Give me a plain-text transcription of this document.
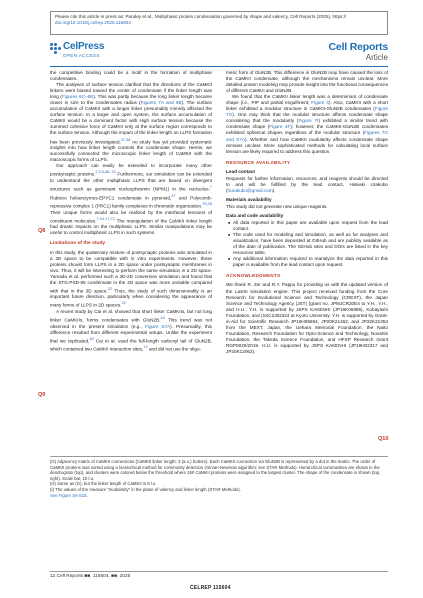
Please cite this article in press as: Pandey et al., Multiphasic protein condensation governed by shape and valency, Cell Reports (2025), https:// doi.org/10.1016/j.celrep.2025.115604
CelPress
OPEN ACCESS
Cell Reports
Article

the competitive binding could be a motif in the formation of multiphase condensates.

The analyses of surface tension clarified that the directions of the CaMKII linkers were biased toward the center of condensate if the linker length was long (Figures 6C–6E). This was partly because the long linker length became closer in size to the condensates radius (Figures 7A and 6B). The surface accumulation of CaMKII with a longer linker presumably mimicly affected the surface tension. In a larger and open system, the surface accumulation of CaMKII would be a dominant factor with High surface tension because the summed cohesive force of CaMKII only at the surface region corresponds to the surface tension. Although the impact of the linker length on LLPS formation has been previously investigated,$^{37,38}$ no study has yet provided systematic insights into how linker length controls the condensate shape. Herein, we successfully connected the microscopic linker length of CaMKII with the macroscopic forms of LLPS.

Our approach can easily be extended to incorporate many other postsynaptic proteins.$^{2,3,5,66-70}$ Furthermore, our simulation can be extended to understand the other multiphasic LLPS that are based on divergent structures such as germinant nucleophosmin (NPM1) in the nucleolus.$^7$ Rubisco holoenzymes-EPYC1 condensate in pyrenoid,$^{27}$ and Polycomb-repressive complex 1 (PRC1) family complexes in chromatin organization.$^{25,26}$ Their unique forms would also be realized by the interfacial tensions of constituent molecules.$^{7,14,17,72}$ The manipulation of the CaMKII linker length had drastic impacts on the multiphasic LLPS. Similar manipulations may be useful to control multiphasic LLPS in such systems.

Limitations of the study

In this study, the quaternary mixture of postsynaptic proteins was simulated in a 3D space to be compatible with in vitro experiments. However, these proteins should form LLPS in a 2D space under postsynaptic membranes in vivo. Thus, it will be interesting to perform the same simulation in a 2D space. Yamada et al. performed such a 3D-2D conversion simulation and found that the STG-PSD-95 condensate in the 2D space was more unstable compared with that in the 3D space.$^{22}$ Thus, the study of such dimensionality is an important future direction, particularly when considering the appearance of many forms of LLPS in 2D spaces.$^{22}$

A recent study by Cai et al. showed that short linker CaMKIIs, but not long linker CaMKIIs, forms condensates with GluN2B.$^{44}$ This trend was not observed in the present simulation (e.g., Figure S7A). Presumably, this difference resulted from different experimental setups. Unlike the experiment that we replicated,$^{18}$ Cai et al. used the full-length carboxyl tail of GluN2B, which contained two CaMKII interaction sites,$^{74}$ and did not use the oligo-

Q8
Q9
Q10

meric form of GluN2B. This difference in GluN2B may have caused the loss of the CaMKII condensate, although the mechanisms remain unclear. More detailed protein modeling may provide insight into the functional consequences of different CaMKII and GluN2B.

We found that the CaMKII linker length was a determinant of condensate shape (i.e., PIP and partial engulfment; Figure 4). Also, CaMKII with a short linker exhibited a modular structure in CaMKII-GluN2B condensates (Figure 7G). One may think that the modular structure affects condensate shape considering that the modularity (Figure 7I) exhibited a similar trend with condensate shape (Figure 4F); however, the CaMKII-GluN2B condensates exhibited spherical shapes regardless of the modular structure (Figures 7G and S7A). Whether and how CaMKII modularity affects condensate shape remains unclear. More sophisticated methods for calculating local surface tension are likely required to address this question.

RESOURCE AVAILABILITY
Lead contact

Requests for further information, resources, and reagents should be directed to and will be fulfilled by the lead contact, Hideaki Urakubo (hurakubo@gmail.com).

Materials availability

This study did not generate new unique reagents.

Data and code availability
■ All data reported in this paper are available upon request from the lead contact.
■ The code used for modeling and simulation, as well as for analyses and visualization, have been deposited at GitHub and are publicly available as of the date of publication. The GitHub sites and DOIs are listed in the key resources table.
■ Any additional information required to reanalyze the data reported in this paper is available from the lead contact upon request.
ACKNOWLEDGMENTS

We thank R. Zer and R.Y. Pappu for providing us with the updated version of the LaSSI simulation engine. This project received funding from the Core Research for Evolutional Science and Technology (CREST), the Japan Science and Technology Agency (JST) (grant no. JPMJCR20E4 to Y.H., Y.H., and H.U.; Y.H. is supported by JSPS KAKENHI (JP19K06885), Kobayashi Foundation, and (S4C2J82324 at Kyoto University. Y.H. is supported by Grant-in-Aid for Scientific Research JP19H05694, JP20K21462, and JP22K21353 from the MEXT, Japan, the Uehara Memorial Foundation, the Naito Foundation, Research Foundation for Opto-Science and Technology, Novartis Foundation, the Takeda Science Foundation, and HFSP Research Grant RGP0020/2019. H.U. is supported by JSPS KAKENHI (JP19H02317 and JP20K12062).

(G) Adjacency matrix of CaMKII connections (CaMKII linker length: 3 (a.u.) bottom). Each CaMKII connection via GluN2B is represented by a dot in the matrix. The order of CaMKII proteins was sorted using a hierarchical method for community detection (Girvan-Newman algorithm; see STAR Methods). Hierarchical communities are shown in the dendrogram (top), and clusters were colored below the threshold where 150 CaMKII proteins were assigned to the largest cluster. The shape of the condensate is shown (top, right). Scale bar, 10 l.u.
(H) Same as (G), but the linker length of CaMKII is 9 l.u.
(I) The values of the measure "modularity" in the plane of valency and linker length (STAR Methods).
See Figure S6-S15.
12 Cell Reports ■■, 115604, ■■, 2025
CELREP 115604
